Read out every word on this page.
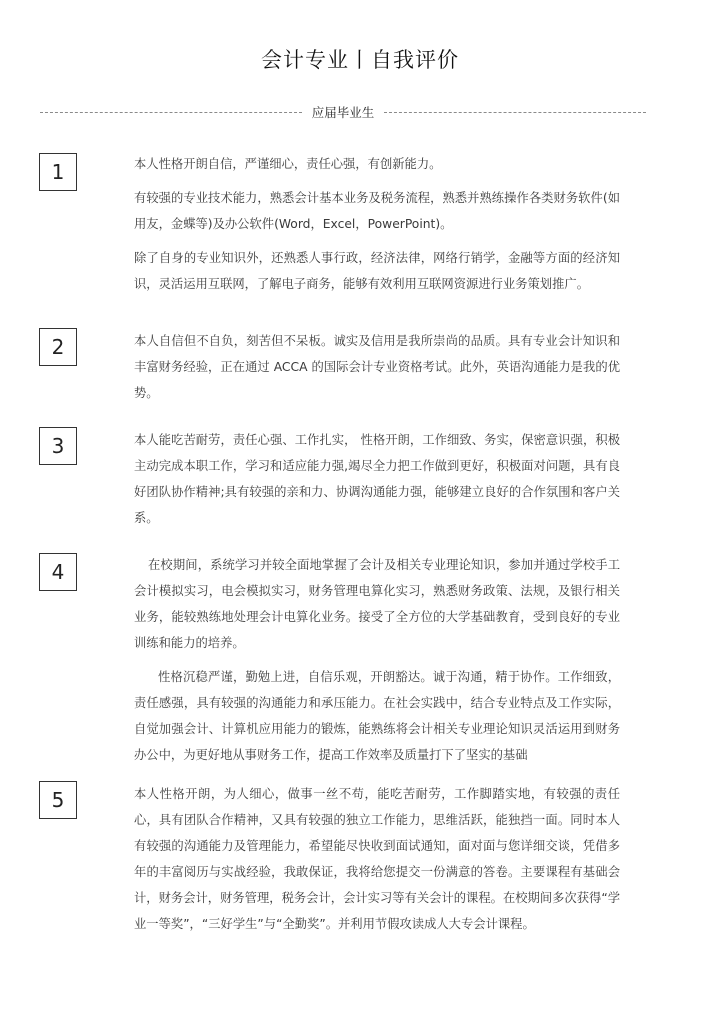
会计专业丨自我评价
应届毕业生
1	本人性格开朗自信，严谨细心，责任心强，有创新能力。

有较强的专业技术能力，熟悉会计基本业务及税务流程，熟悉并熟练操作各类财务软件(如用友，金蝶等)及办公软件(Word，Excel，PowerPoint)。

除了自身的专业知识外，还熟悉人事行政，经济法律，网络行销学，金融等方面的经济知识，灵活运用互联网，了解电子商务，能够有效利用互联网资源进行业务策划推广。

2	本人自信但不自负，刻苦但不呆板。诚实及信用是我所崇尚的品质。具有专业会计知识和丰富财务经验，正在通过 ACCA 的国际会计专业资格考试。此外，英语沟通能力是我的优势。

3	本人能吃苦耐劳，责任心强、工作扎实， 性格开朗，工作细致、务实，保密意识强，积极主动完成本职工作，学习和适应能力强,竭尽全力把工作做到更好，积极面对问题，具有良好团队协作精神;具有较强的亲和力、协调沟通能力强，能够建立良好的合作氛围和客户关系。

4	在校期间，系统学习并较全面地掌握了会计及相关专业理论知识，参加并通过学校手工会计模拟实习，电会模拟实习，财务管理电算化实习，熟悉财务政策、法规，及银行相关业务，能较熟练地处理会计电算化业务。接受了全方位的大学基础教育，受到良好的专业训练和能力的培养。

性格沉稳严谨，勤勉上进，自信乐观，开朗豁达。诚于沟通，精于协作。工作细致，责任感强，具有较强的沟通能力和承压能力。在社会实践中，结合专业特点及工作实际，自觉加强会计、计算机应用能力的锻炼，能熟练将会计相关专业理论知识灵活运用到财务办公中，为更好地从事财务工作，提高工作效率及质量打下了坚实的基础

5	本人性格开朗，为人细心，做事一丝不苟，能吃苦耐劳，工作脚踏实地，有较强的责任心，具有团队合作精神，又具有较强的独立工作能力，思维活跃，能独挡一面。同时本人有较强的沟通能力及管理能力，希望能尽快收到面试通知，面对面与您详细交谈，凭借多年的丰富阅历与实战经验，我敢保证，我将给您提交一份满意的答卷。主要课程有基础会计，财务会计，财务管理，税务会计，会计实习等有关会计的课程。在校期间多次获得“学业一等奖”，“三好学生”与“全勤奖”。并利用节假攻读成人大专会计课程。
